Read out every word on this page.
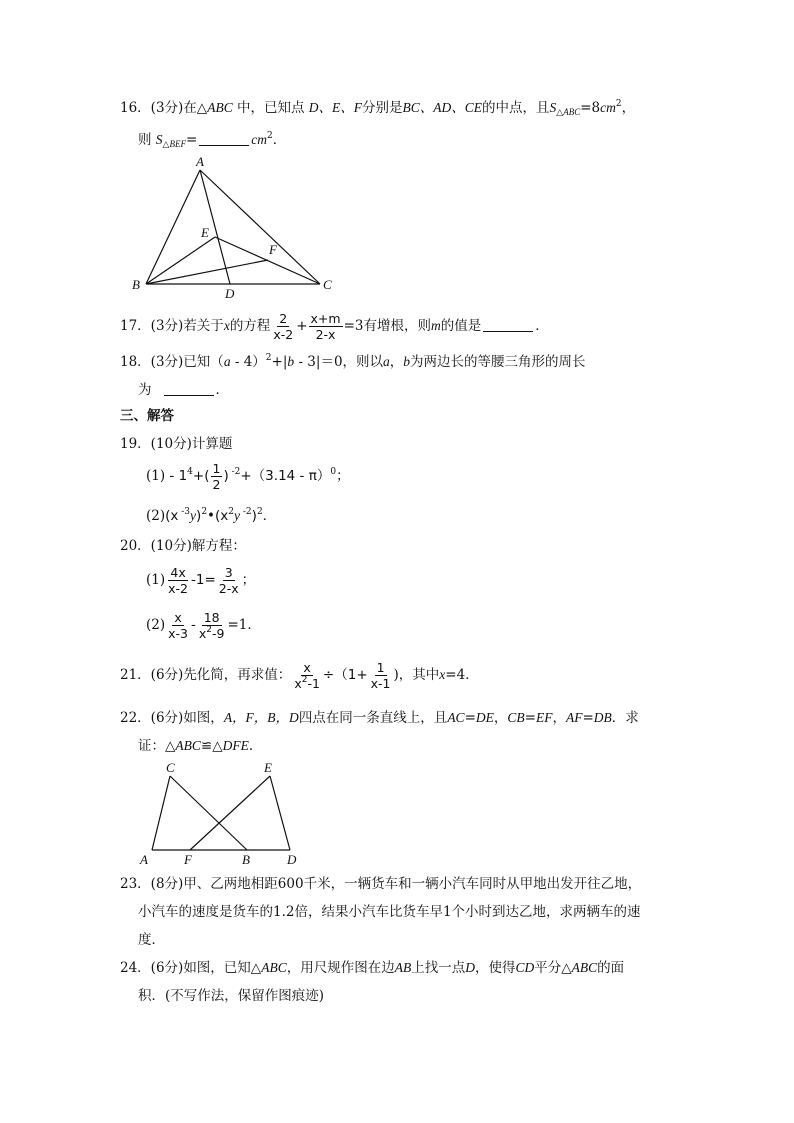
16．(3分)在△ABC 中，已知点 D、E、F分别是BC、AD、CE的中点，且$S_{\triangle ABC}=8cm^2$，
则 $S_{\triangle BEF}=$	$cm^2$．
A
B	C
D
E
F
17．(3分)若关于x的方程 $\frac{2}{x-2} + \frac{x+m}{2-x} =3$有增根，则m的值是	．
18．(3分)已知（a - 4）$^2$+|b - 3|＝0，则以a，b为两边长的等腰三角形的周长
为	．
三、解答
19．(10分)计算题
$(1) - 1^4+( \frac{1}{2}$ ) $^{-2}$+（3.14 - π）$^0$；
(2)(x $^{-3}y)^2•(x^2y$ $^{-2}$)$^2$．
20．(10分)解方程：
$(1) \frac{4x}{x-2} -1= \frac{3}{2-x}$ ；
$(2) \frac{x}{x-3} - \frac{18}{x^2-9} =1$．
21．(6分)先化简，再求值： $\frac{x}{x^2-1} \div(1+ \frac{1}{x-1}$ )，其中x=4．
22．(6分)如图，A，F，B，D四点在同一条直线上，且AC=DE，CB=EF，AF=DB．求
证：△ABC≌△DFE．
A	F	B	D
C	E
23．(8分)甲、乙两地相距600千米，一辆货车和一辆小汽车同时从甲地出发开往乙地，
小汽车的速度是货车的1.2倍，结果小汽车比货车早1个小时到达乙地，求两辆车的速
度．
24．(6分)如图，已知△ABC，用尺规作图在边AB上找一点D，使得CD平分△ABC的面
积．(不写作法，保留作图痕迹)
